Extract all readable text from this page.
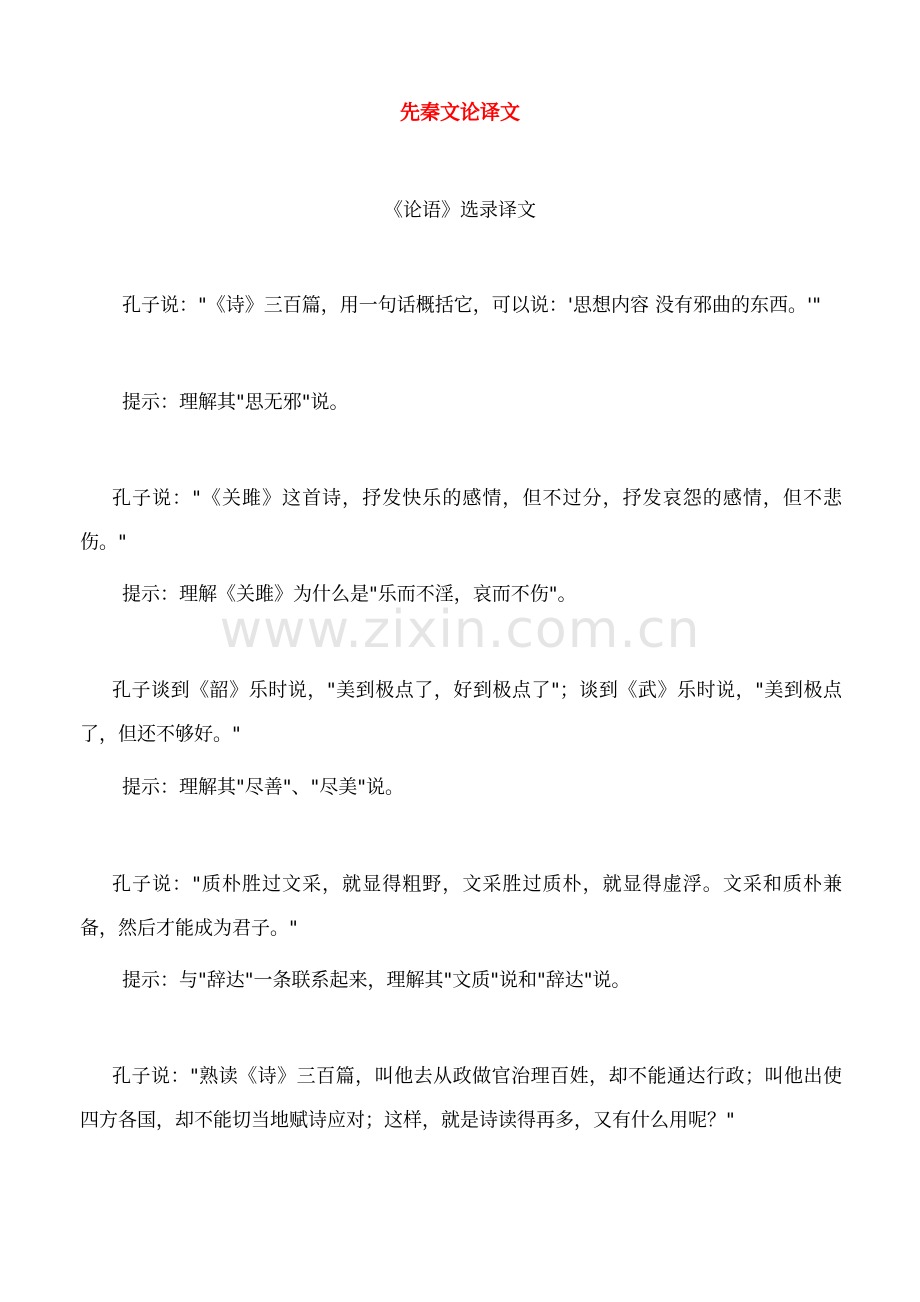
先秦文论译文
《论语》选录译文

孔子说："《诗》三百篇，用一句话概括它，可以说：'思想内容 没有邪曲的东西。'"

提示：理解其"思无邪"说。

孔子说："《关雎》这首诗，抒发快乐的感情，但不过分，抒发哀怨的感情，但不悲伤。"

提示：理解《关雎》为什么是"乐而不淫，哀而不伤"。

孔子谈到《韶》乐时说，"美到极点了，好到极点了"；谈到《武》乐时说，"美到极点了，但还不够好。"

提示：理解其"尽善"、"尽美"说。

孔子说："质朴胜过文采，就显得粗野，文采胜过质朴，就显得虚浮。文采和质朴兼备，然后才能成为君子。"

提示：与"辞达"一条联系起来，理解其"文质"说和"辞达"说。

孔子说："熟读《诗》三百篇，叫他去从政做官治理百姓，却不能通达行政；叫他出使四方各国，却不能切当地赋诗应对；这样，就是诗读得再多，又有什么用呢？"

www.zixin.com.cn
